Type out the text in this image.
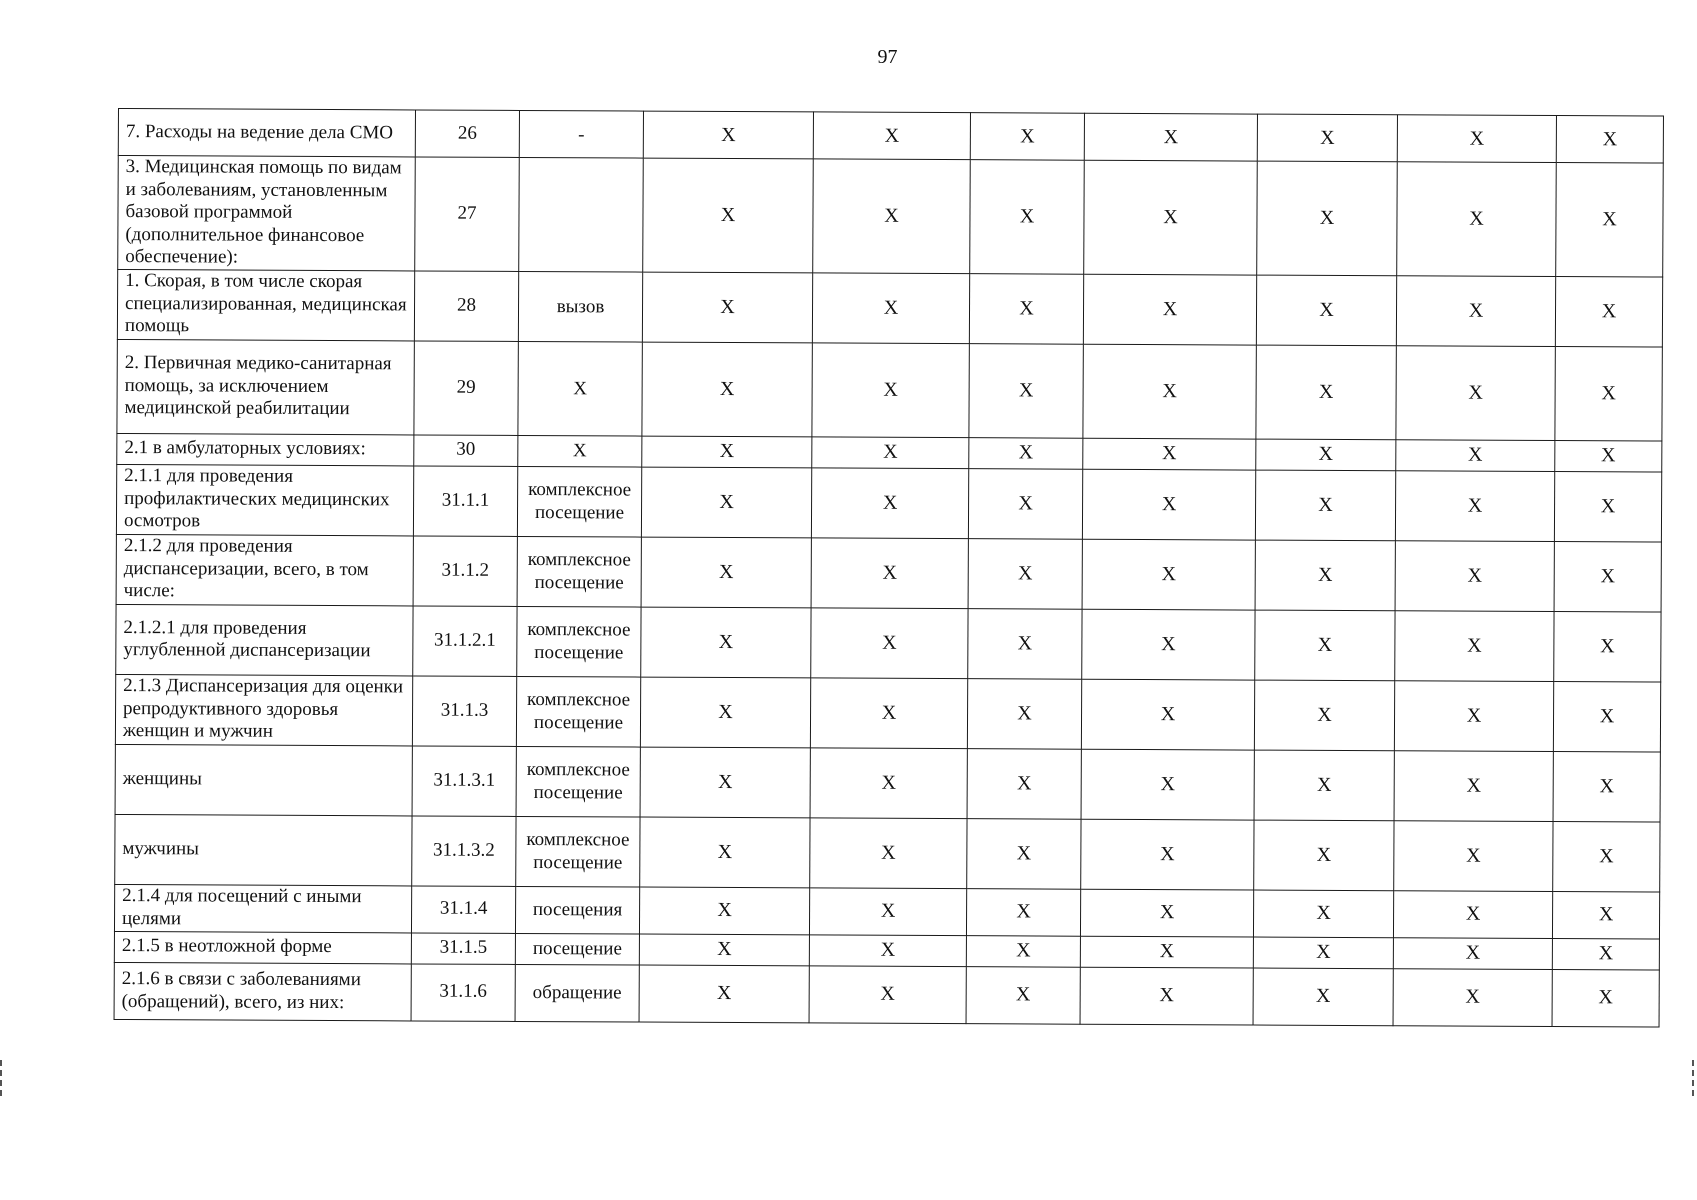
97
7. Расходы на ведение дела СМО	26	-	X	X	X	X	X	X	X
3. Медицинская помощь по видам и заболеваниям, установленным базовой программой (дополнительное финансовое обеспечение):	27		X	X	X	X	X	X	X
1. Скорая, в том числе скорая специализированная, медицинская помощь	28	вызов	X	X	X	X	X	X	X
2. Первичная медико-санитарная помощь, за исключением медицинской реабилитации	29	X	X	X	X	X	X	X	X
2.1 в амбулаторных условиях:	30	X	X	X	X	X	X	X	X
2.1.1 для проведения профилактических медицинских осмотров	31.1.1	комплексное посещение	X	X	X	X	X	X	X
2.1.2 для проведения диспансеризации, всего, в том числе:	31.1.2	комплексное посещение	X	X	X	X	X	X	X
2.1.2.1 для проведения углубленной диспансеризации	31.1.2.1	комплексное посещение	X	X	X	X	X	X	X
2.1.3 Диспансеризация для оценки репродуктивного здоровья женщин и мужчин	31.1.3	комплексное посещение	X	X	X	X	X	X	X
женщины	31.1.3.1	комплексное посещение	X	X	X	X	X	X	X
мужчины	31.1.3.2	комплексное посещение	X	X	X	X	X	X	X
2.1.4 для посещений с иными целями	31.1.4	посещения	X	X	X	X	X	X	X
2.1.5 в неотложной форме	31.1.5	посещение	X	X	X	X	X	X	X
2.1.6 в связи с заболеваниями (обращений), всего, из них:	31.1.6	обращение	X	X	X	X	X	X	X
